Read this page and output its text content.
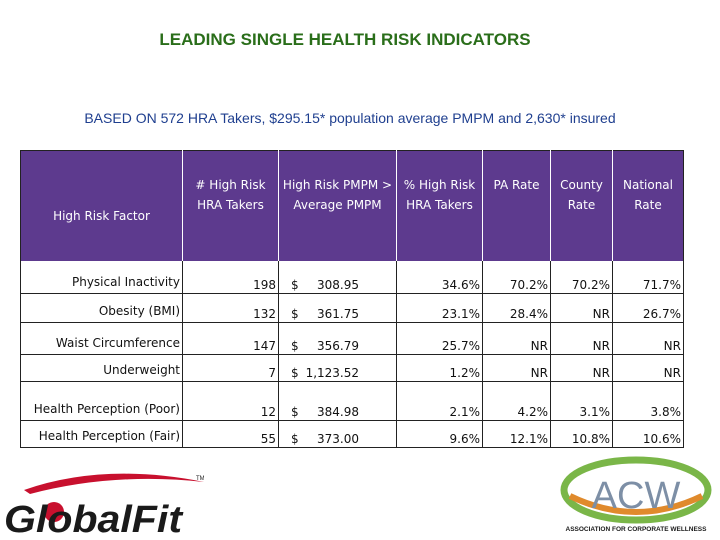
LEADING SINGLE HEALTH RISK INDICATORS
BASED ON 572 HRA Takers, $295.15* population average PMPM and 2,630* insured
High Risk Factor	# High Risk HRA Takers	High Risk PMPM > Average PMPM	% High Risk HRA Takers	PA Rate	County Rate	National Rate
Physical Inactivity	198	$ 308.95	34.6%	70.2%	70.2%	71.7%
Obesity (BMI)	132	$ 361.75	23.1%	28.4%	NR	26.7%
Waist Circumference	147	$ 356.79	25.7%	NR	NR	NR
Underweight	7	$ 1,123.52	1.2%	NR	NR	NR
Health Perception (Poor)	12	$ 384.98	2.1%	4.2%	3.1%	3.8%
Health Perception (Fair)	55	$ 373.00	9.6%	12.1%	10.8%	10.6%
GlobalFit
TM	ACW
ASSOCIATION FOR CORPORATE WELLNESS
